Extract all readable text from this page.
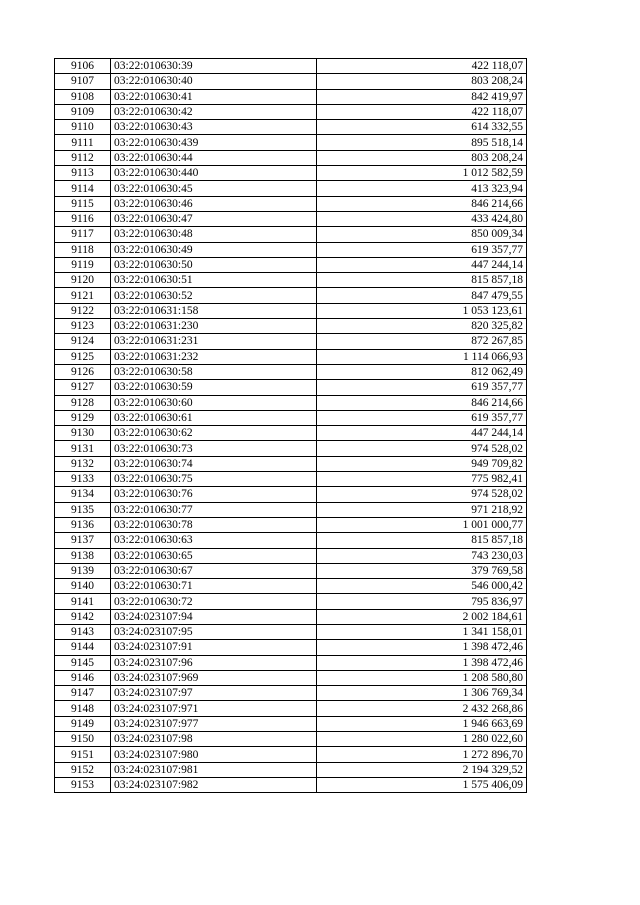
9106	03:22:010630:39	422 118,07
9107	03:22:010630:40	803 208,24
9108	03:22:010630:41	842 419,97
9109	03:22:010630:42	422 118,07
9110	03:22:010630:43	614 332,55
9111	03:22:010630:439	895 518,14
9112	03:22:010630:44	803 208,24
9113	03:22:010630:440	1 012 582,59
9114	03:22:010630:45	413 323,94
9115	03:22:010630:46	846 214,66
9116	03:22:010630:47	433 424,80
9117	03:22:010630:48	850 009,34
9118	03:22:010630:49	619 357,77
9119	03:22:010630:50	447 244,14
9120	03:22:010630:51	815 857,18
9121	03:22:010630:52	847 479,55
9122	03:22:010631:158	1 053 123,61
9123	03:22:010631:230	820 325,82
9124	03:22:010631:231	872 267,85
9125	03:22:010631:232	1 114 066,93
9126	03:22:010630:58	812 062,49
9127	03:22:010630:59	619 357,77
9128	03:22:010630:60	846 214,66
9129	03:22:010630:61	619 357,77
9130	03:22:010630:62	447 244,14
9131	03:22:010630:73	974 528,02
9132	03:22:010630:74	949 709,82
9133	03:22:010630:75	775 982,41
9134	03:22:010630:76	974 528,02
9135	03:22:010630:77	971 218,92
9136	03:22:010630:78	1 001 000,77
9137	03:22:010630:63	815 857,18
9138	03:22:010630:65	743 230,03
9139	03:22:010630:67	379 769,58
9140	03:22:010630:71	546 000,42
9141	03:22:010630:72	795 836,97
9142	03:24:023107:94	2 002 184,61
9143	03:24:023107:95	1 341 158,01
9144	03:24:023107:91	1 398 472,46
9145	03:24:023107:96	1 398 472,46
9146	03:24:023107:969	1 208 580,80
9147	03:24:023107:97	1 306 769,34
9148	03:24:023107:971	2 432 268,86
9149	03:24:023107:977	1 946 663,69
9150	03:24:023107:98	1 280 022,60
9151	03:24:023107:980	1 272 896,70
9152	03:24:023107:981	2 194 329,52
9153	03:24:023107:982	1 575 406,09
